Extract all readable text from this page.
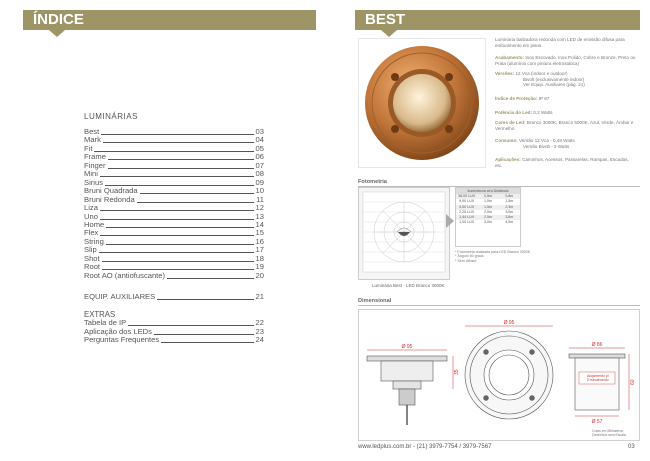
ÍNDICE
LUMINÁRIAS
Best	03
Mark	04
Fit	05
Frame	06
Finger	07
Mini	08
Sirius	09
Bruni Quadrada	10
Bruni Redonda	11
Liza	12
Uno	13
Home	14
Flex	15
String	16
Slip	17
Shot	18
Root	19
Root AO (antiofuscante)	20
EQUIP. AUXILIARES	21
EXTRAS
Tabela de IP	22
Aplicação dos LEDs	23
Perguntas Frequentes	24
BEST
Luminária balizadora redonda com LED de emissão difusa para embutimento em pisos.
Acabamento: Inox Escovado, Inox Polido, Cobre e Bronze, Preto ou Prata (alumínio com pintura eletrostática)
Versões: 12 Vca (indoor e outdoor)
Bivolt (exclusivamente indoor)
Ver Equip. Auxiliares (pág. 21)
Índice de Proteção: IP 67
Potência do Led: 0,2 Watts
Cores de Led: Branco 3000K, Branco 5000K, Azul, Verde, Âmbar e Vermelho
Consumo: Versão 12 Vca - 0,48 Watts
Versão Bivolt - 3 Watts
Aplicações: Caminhos, Acessos, Passarelas, Rampas, Escadas, etc.
Fotometria
Luminária Best - LED Branco 3000K
Iluminância at a Distância
36,00 LUX	0,5m	0,8m
9,00 LUX	1,0m	1,5m
4,00 LUX	1,5m	2,3m
2,25 LUX	2,0m	3,0m
1,44 LUX	2,5m	3,8m
1,00 LUX	3,0m	4,5m
* Fotometria realizada para LED Branco 3000K
* Ângulo 60 graus
* Sem difusor
Dimensional
Ø 95
35
Ø 95
Ø 86
Ø 57
60
Alojamento p/ Embutimento
Cotas em Milímetros
Desenhos sem Escala
www.ledplus.com.br - (21) 3979-7754 / 3979-7567	03
